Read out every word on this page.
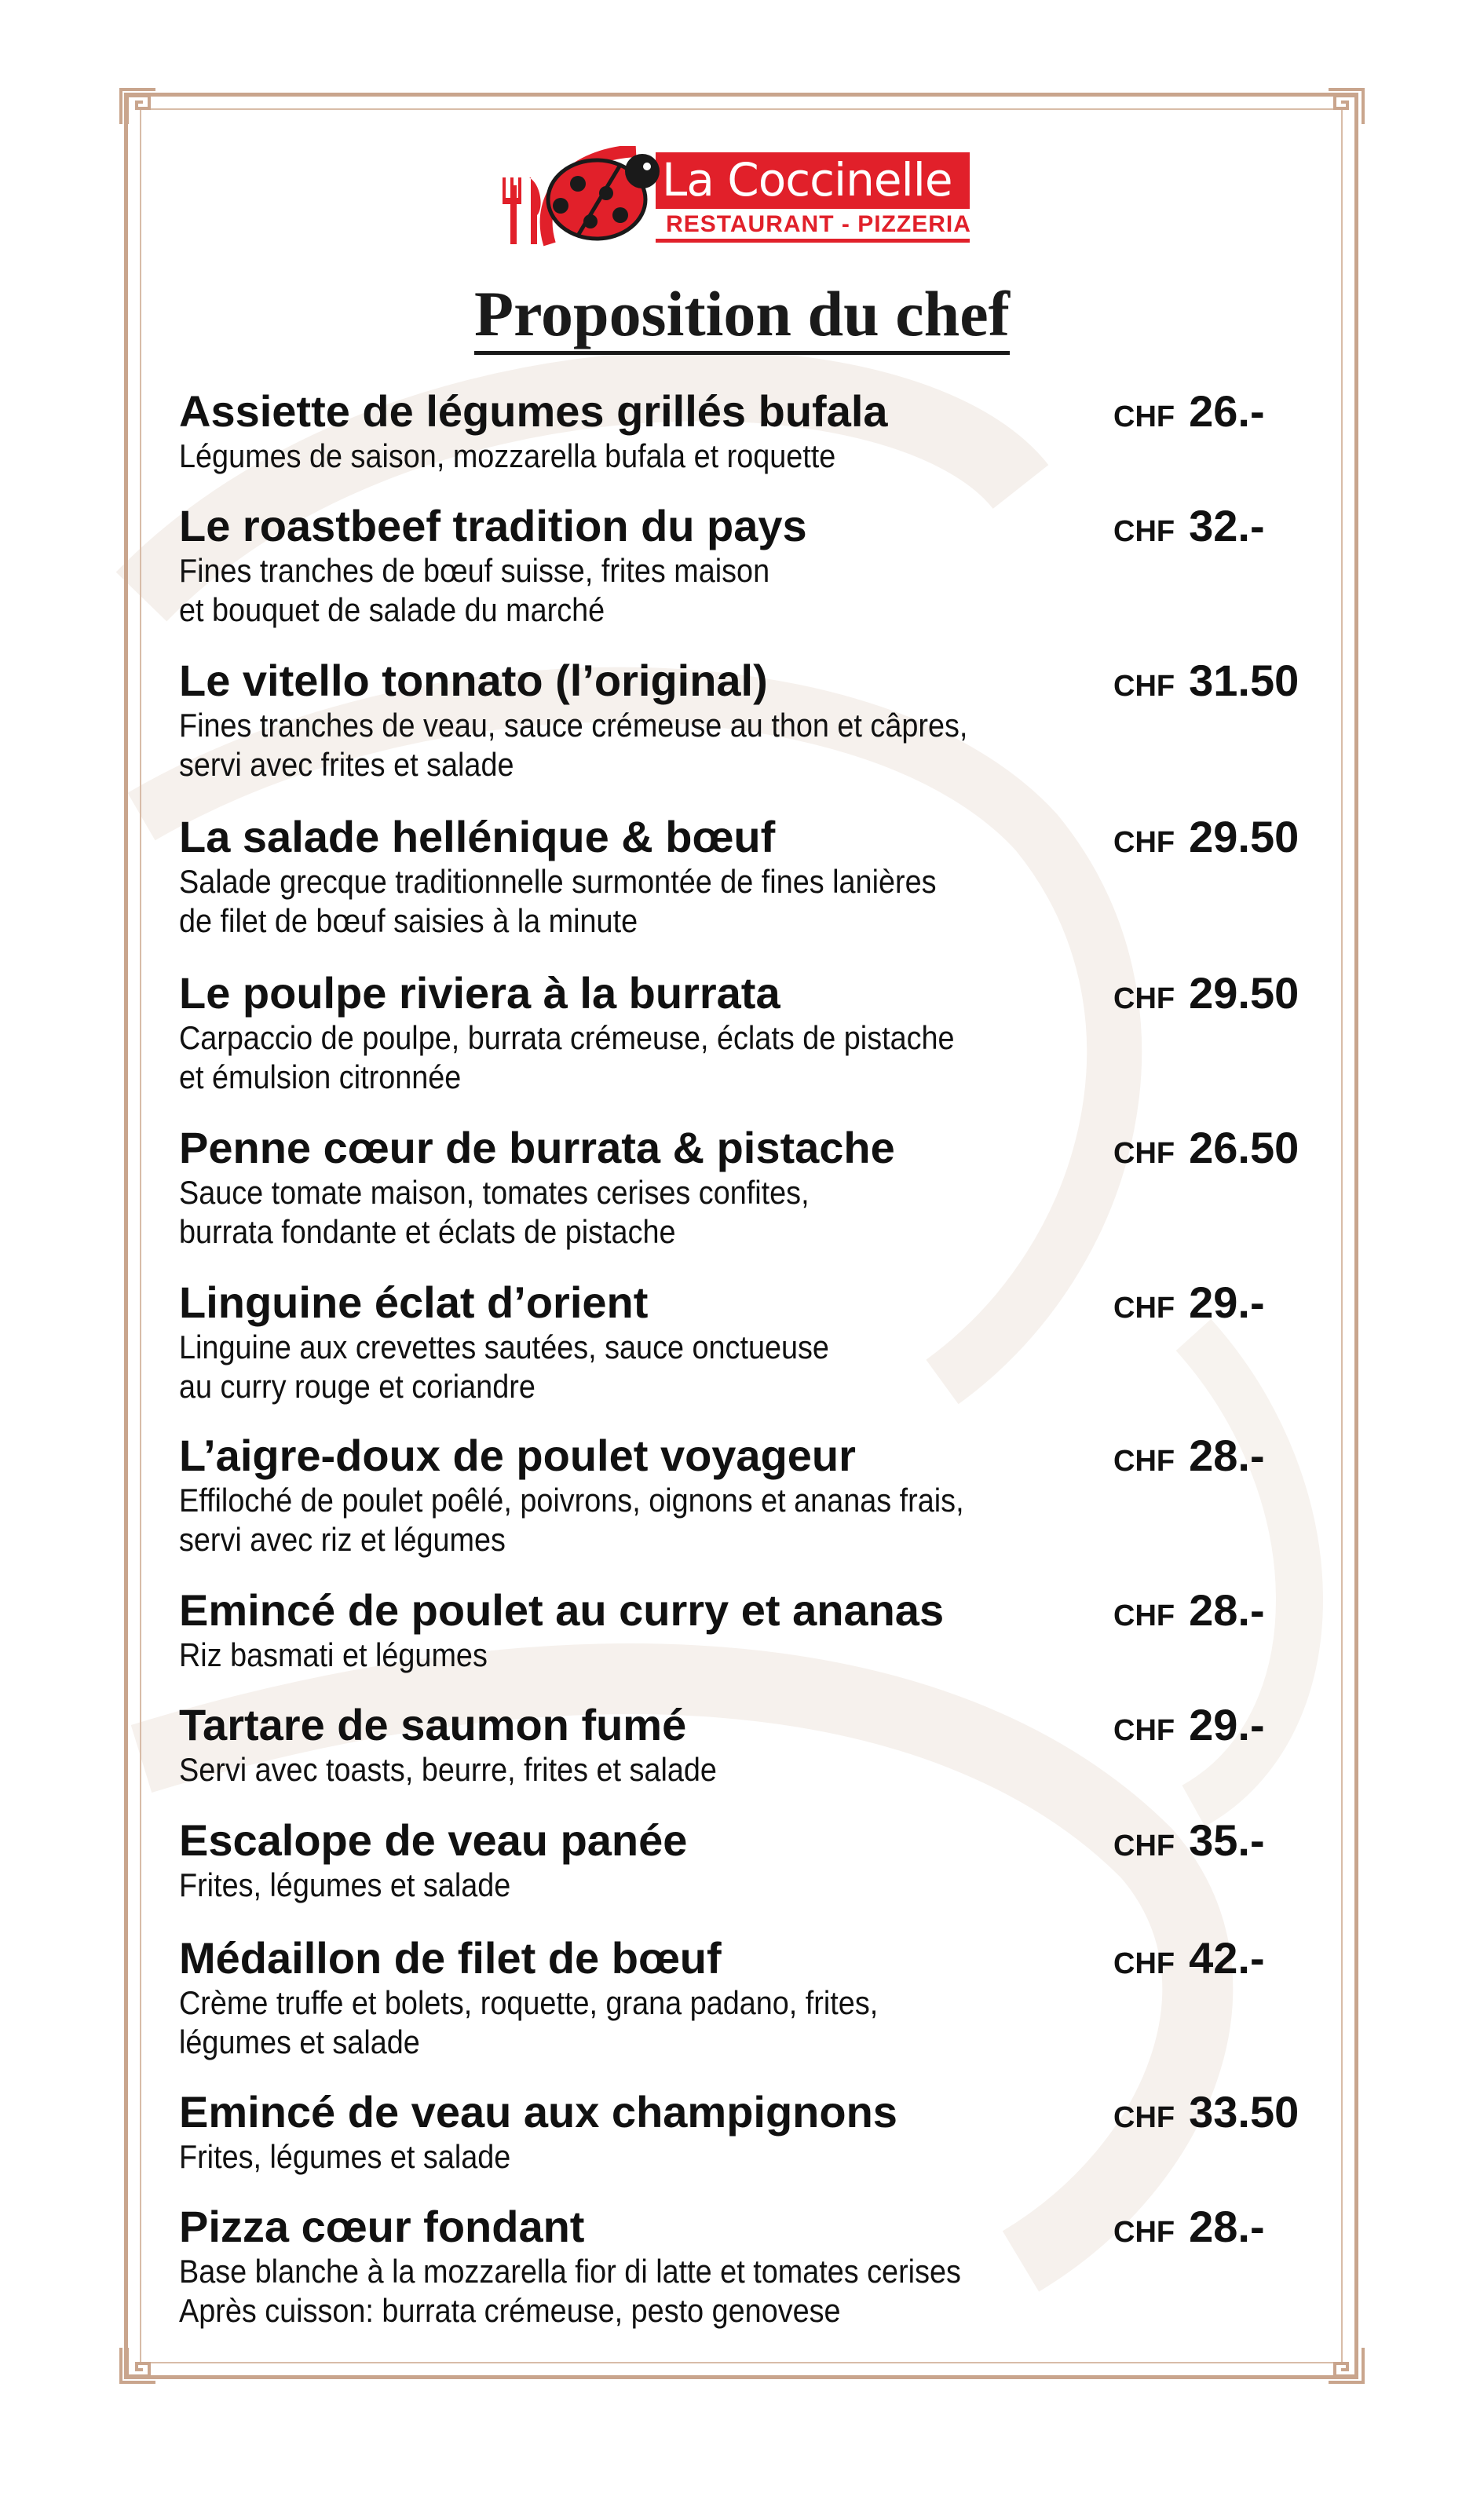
La Coccinelle
RESTAURANT - PIZZERIA
Proposition du chef
Assiette de légumes grillés bufala
Légumes de saison, mozzarella bufala et roquette
CHF 26.-
Le roastbeef tradition du pays
Fines tranches de bœuf suisse, frites maison
et bouquet de salade du marché
CHF 32.-
Le vitello tonnato (l’original)
Fines tranches de veau, sauce crémeuse au thon et câpres,
servi avec frites et salade
CHF 31.50
La salade hellénique & bœuf
Salade grecque traditionnelle surmontée de fines lanières
de filet de bœuf saisies à la minute
CHF 29.50
Le poulpe riviera à la burrata
Carpaccio de poulpe, burrata crémeuse, éclats de pistache
et émulsion citronnée
CHF 29.50
Penne cœur de burrata & pistache
Sauce tomate maison, tomates cerises confites,
burrata fondante et éclats de pistache
CHF 26.50
Linguine éclat d’orient
Linguine aux crevettes sautées, sauce onctueuse
au curry rouge et coriandre
CHF 29.-
L’aigre-doux de poulet voyageur
Effiloché de poulet poêlé, poivrons, oignons et ananas frais,
servi avec riz et légumes
CHF 28.-
Emincé de poulet au curry et ananas
Riz basmati et légumes
CHF 28.-
Tartare de saumon fumé
Servi avec toasts, beurre, frites et salade
CHF 29.-
Escalope de veau panée
Frites, légumes et salade
CHF 35.-
Médaillon de filet de bœuf
Crème truffe et bolets, roquette, grana padano, frites,
légumes et salade
CHF 42.-
Emincé de veau aux champignons
Frites, légumes et salade
CHF 33.50
Pizza cœur fondant
Base blanche à la mozzarella fior di latte et tomates cerises
Après cuisson: burrata crémeuse, pesto genovese
CHF 28.-
